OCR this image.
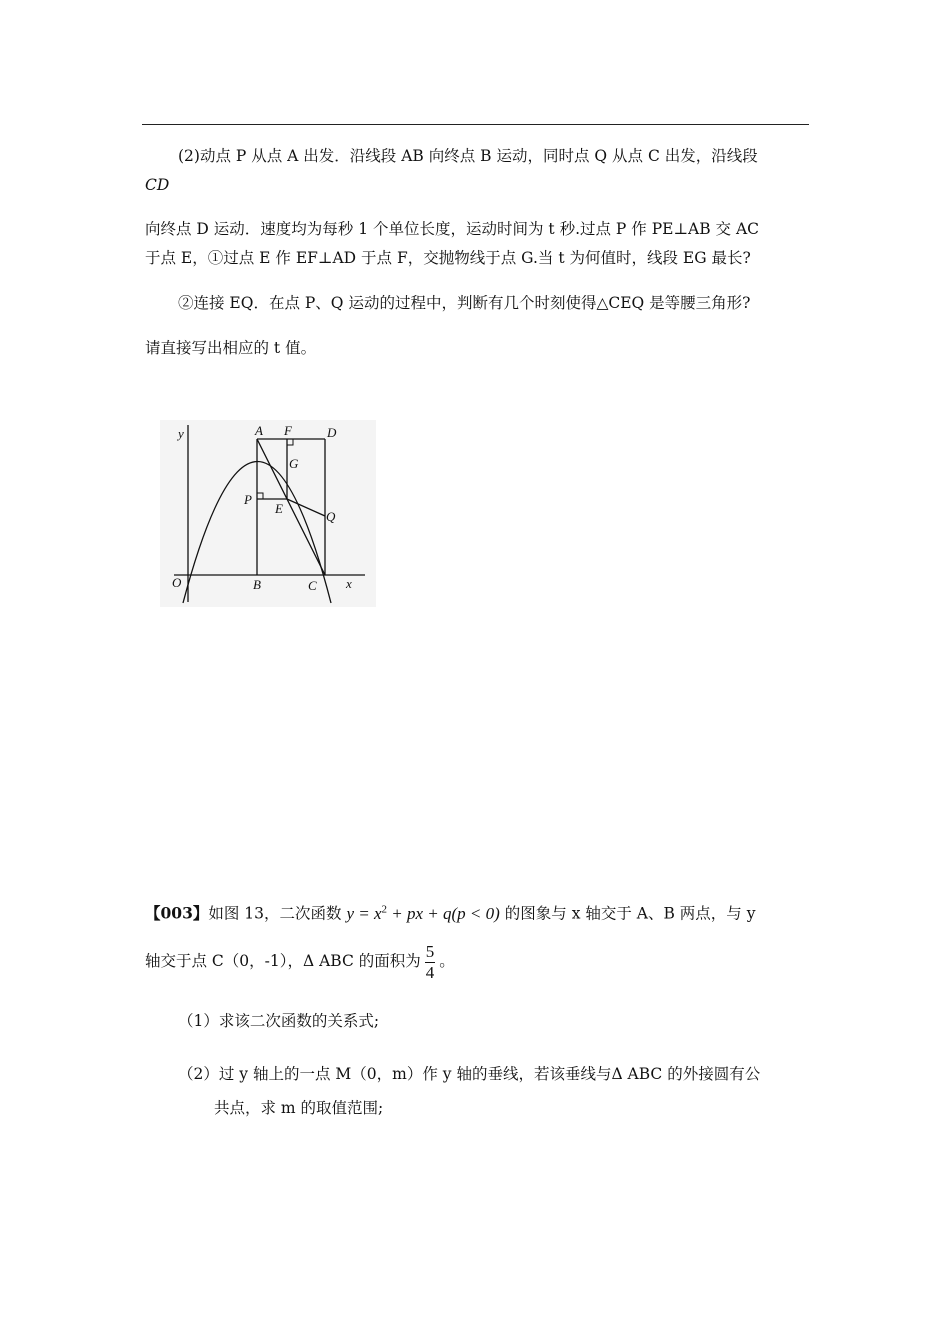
(2)动点 P 从点 A 出发．沿线段 AB 向终点 B 运动，同时点 Q 从点 C 出发，沿线段
CD
向终点 D 运动．速度均为每秒 1 个单位长度，运动时间为 t 秒.过点 P 作 PE⊥AB 交 AC
于点 E，①过点 E 作 EF⊥AD 于点 F，交抛物线于点 G.当 t 为何值时，线段 EG 最长?
②连接 EQ．在点 P、Q 运动的过程中，判断有几个时刻使得△CEQ 是等腰三角形?
请直接写出相应的 t 值。
y	A F	D
G
P
E
Q
O	B	C x
【003】如图 13，二次函数 $y = x^2$ + px + q(p < 0) 的图象与 x 轴交于 A、B 两点，与 y
轴交于点 C（0，-1），Δ ABC 的面积为 $\frac{5}{4}$ 。
（1）求该二次函数的关系式;
（2）过 y 轴上的一点 M（0，m）作 y 轴的垂线，若该垂线与Δ ABC 的外接圆有公
共点，求 m 的取值范围;
